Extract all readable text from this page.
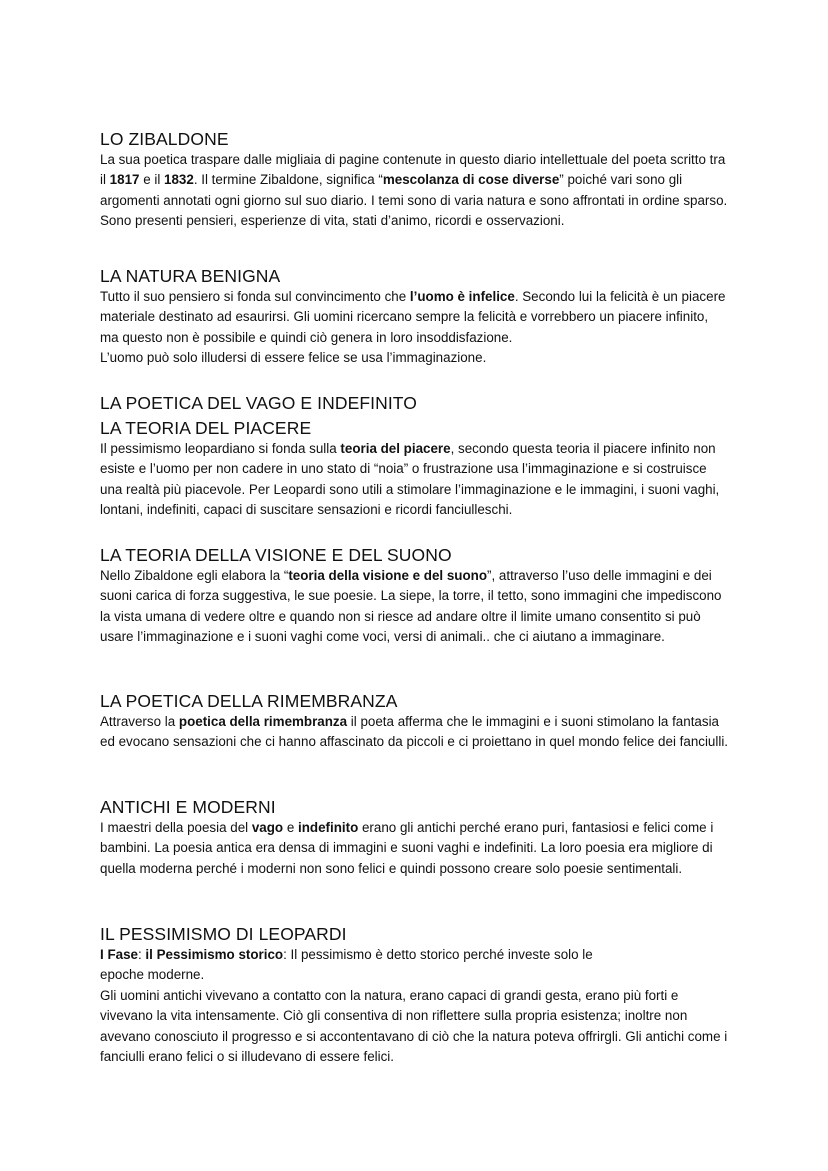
LO ZIBALDONE

La sua poetica traspare dalle migliaia di pagine contenute in questo diario intellettuale del poeta scritto tra il 1817 e il 1832. Il termine Zibaldone, significa “mescolanza di cose diverse” poiché vari sono gli argomenti annotati ogni giorno sul suo diario. I temi sono di varia natura e sono affrontati in ordine sparso. Sono presenti pensieri, esperienze di vita, stati d’animo, ricordi e osservazioni.

LA NATURA BENIGNA

Tutto il suo pensiero si fonda sul convincimento che l’uomo è infelice. Secondo lui la felicità è un piacere materiale destinato ad esaurirsi. Gli uomini ricercano sempre la felicità e vorrebbero un piacere infinito, ma questo non è possibile e quindi ciò genera in loro insoddisfazione.

L’uomo può solo illudersi di essere felice se usa l’immaginazione.

LA POETICA DEL VAGO E INDEFINITO
LA TEORIA DEL PIACERE

Il pessimismo leopardiano si fonda sulla teoria del piacere, secondo questa teoria il piacere infinito non esiste e l’uomo per non cadere in uno stato di “noia” o frustrazione usa l’immaginazione e si costruisce una realtà più piacevole. Per Leopardi sono utili a stimolare l’immaginazione e le immagini, i suoni vaghi, lontani, indefiniti, capaci di suscitare sensazioni e ricordi fanciulleschi.

LA TEORIA DELLA VISIONE E DEL SUONO

Nello Zibaldone egli elabora la “teoria della visione e del suono”, attraverso l’uso delle immagini e dei suoni carica di forza suggestiva, le sue poesie. La siepe, la torre, il tetto, sono immagini che impediscono la vista umana di vedere oltre e quando non si riesce ad andare oltre il limite umano consentito si può usare l’immaginazione e i suoni vaghi come voci, versi di animali.. che ci aiutano a immaginare.

LA POETICA DELLA RIMEMBRANZA

Attraverso la poetica della rimembranza il poeta afferma che le immagini e i suoni stimolano la fantasia ed evocano sensazioni che ci hanno affascinato da piccoli e ci proiettano in quel mondo felice dei fanciulli.

ANTICHI E MODERNI

I maestri della poesia del vago e indefinito erano gli antichi perché erano puri, fantasiosi e felici come i bambini. La poesia antica era densa di immagini e suoni vaghi e indefiniti. La loro poesia era migliore di quella moderna perché i moderni non sono felici e quindi possono creare solo poesie sentimentali.

IL PESSIMISMO DI LEOPARDI

I Fase: il Pessimismo storico: Il pessimismo è detto storico perché investe solo le

epoche moderne.

Gli uomini antichi vivevano a contatto con la natura, erano capaci di grandi gesta, erano più forti e vivevano la vita intensamente. Ciò gli consentiva di non riflettere sulla propria esistenza; inoltre non avevano conosciuto il progresso e si accontentavano di ciò che la natura poteva offrirgli. Gli antichi come i fanciulli erano felici o si illudevano di essere felici.
